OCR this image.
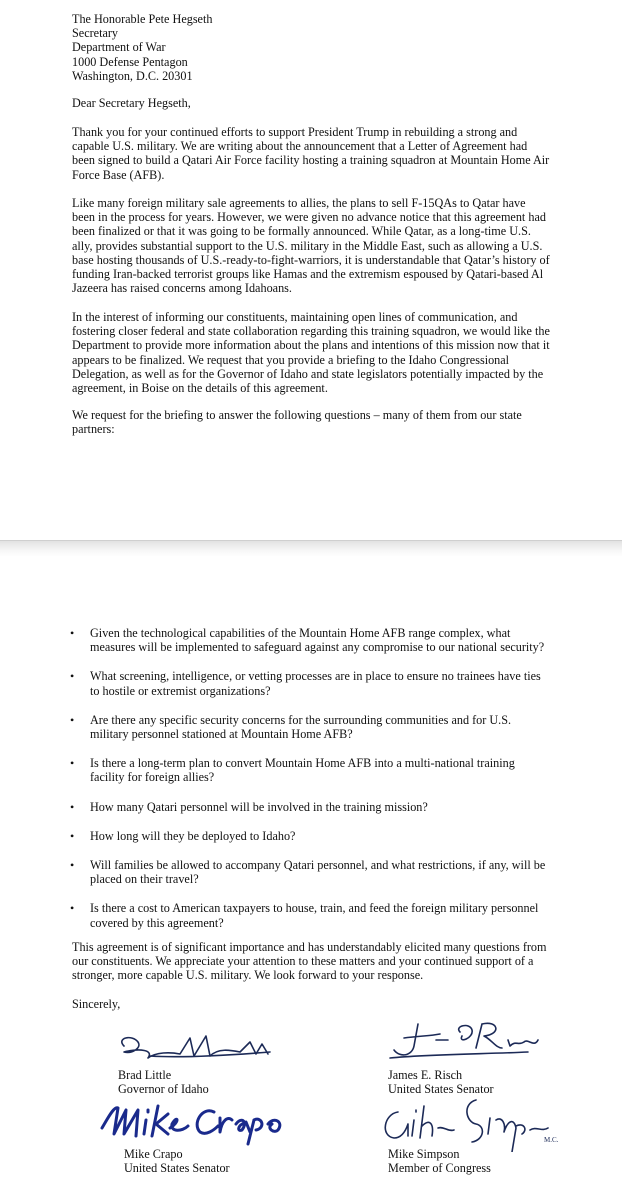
The Honorable Pete Hegseth
Secretary
Department of War
1000 Defense Pentagon
Washington, D.C. 20301

Dear Secretary Hegseth,

Thank you for your continued efforts to support President Trump in rebuilding a strong and capable U.S. military. We are writing about the announcement that a Letter of Agreement had been signed to build a Qatari Air Force facility hosting a training squadron at Mountain Home Air Force Base (AFB).

Like many foreign military sale agreements to allies, the plans to sell F-15QAs to Qatar have been in the process for years. However, we were given no advance notice that this agreement had been finalized or that it was going to be formally announced. While Qatar, as a long-time U.S. ally, provides substantial support to the U.S. military in the Middle East, such as allowing a U.S. base hosting thousands of U.S.-ready-to-fight-warriors, it is understandable that Qatar’s history of funding Iran-backed terrorist groups like Hamas and the extremism espoused by Qatari-based Al Jazeera has raised concerns among Idahoans.

In the interest of informing our constituents, maintaining open lines of communication, and fostering closer federal and state collaboration regarding this training squadron, we would like the Department to provide more information about the plans and intentions of this mission now that it appears to be finalized. We request that you provide a briefing to the Idaho Congressional Delegation, as well as for the Governor of Idaho and state legislators potentially impacted by the agreement, in Boise on the details of this agreement.

We request for the briefing to answer the following questions – many of them from our state partners:

• Given the technological capabilities of the Mountain Home AFB range complex, what measures will be implemented to safeguard against any compromise to our national security?
• What screening, intelligence, or vetting processes are in place to ensure no trainees have ties to hostile or extremist organizations?
• Are there any specific security concerns for the surrounding communities and for U.S. military personnel stationed at Mountain Home AFB?
• Is there a long-term plan to convert Mountain Home AFB into a multi-national training facility for foreign allies?
• How many Qatari personnel will be involved in the training mission?
• How long will they be deployed to Idaho?
• Will families be allowed to accompany Qatari personnel, and what restrictions, if any, will be placed on their travel?
• Is there a cost to American taxpayers to house, train, and feed the foreign military personnel covered by this agreement?

This agreement is of significant importance and has understandably elicited many questions from our constituents. We appreciate your attention to these matters and your continued support of a stronger, more capable U.S. military. We look forward to your response.

Sincerely,

Brad Little
Governor of Idaho
James E. Risch
United States Senator
Mike Crapo
United States Senator
M.C.
Mike Simpson
Member of Congress
